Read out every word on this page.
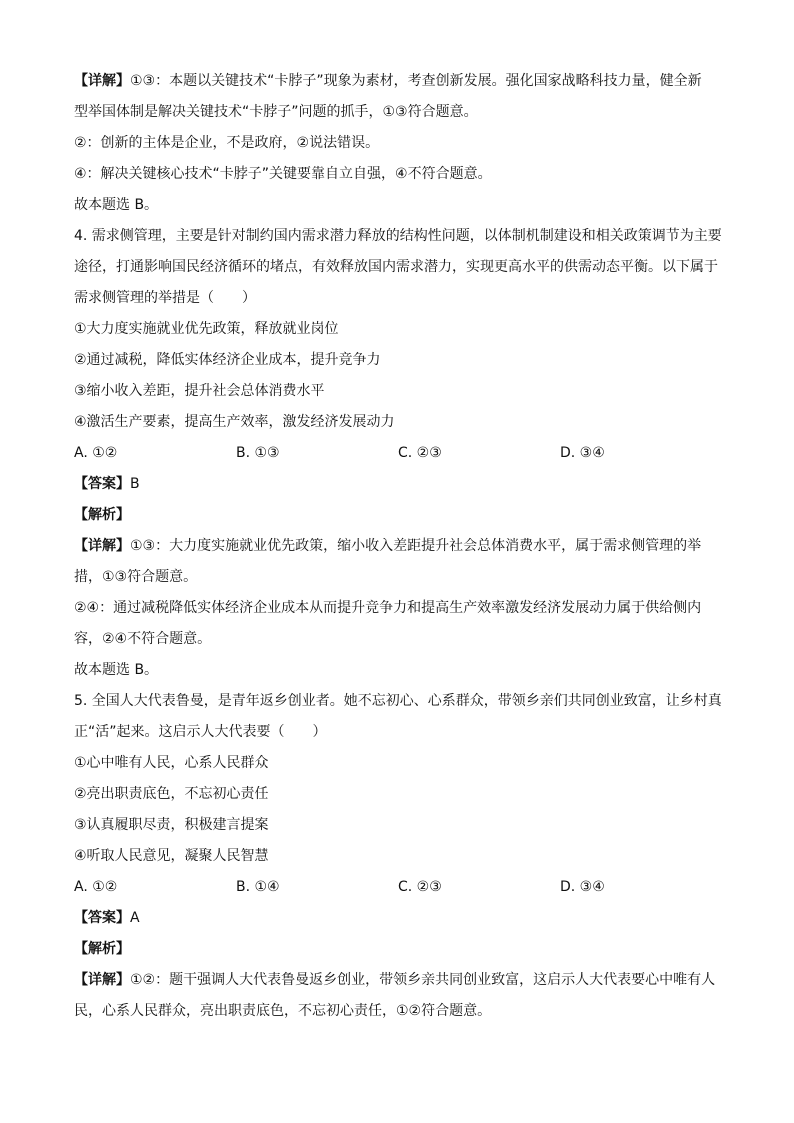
【详解】①③：本题以关键技术“卡脖子”现象为素材，考查创新发展。强化国家战略科技力量，健全新
型举国体制是解决关键技术“卡脖子”问题的抓手，①③符合题意。
②：创新的主体是企业，不是政府，②说法错误。
④：解决关键核心技术“卡脖子”关键要靠自立自强，④不符合题意。
故本题选 B。
4. 需求侧管理，主要是针对制约国内需求潜力释放的结构性问题，以体制机制建设和相关政策调节为主要
途径，打通影响国民经济循环的堵点，有效释放国内需求潜力，实现更高水平的供需动态平衡。以下属于
需求侧管理的举措是（　　）
①大力度实施就业优先政策，释放就业岗位
②通过减税，降低实体经济企业成本，提升竞争力
③缩小收入差距，提升社会总体消费水平
④激活生产要素，提高生产效率，激发经济发展动力
A. ①②	B. ①③	C. ②③	D. ③④
【答案】B
【解析】
【详解】①③：大力度实施就业优先政策，缩小收入差距提升社会总体消费水平，属于需求侧管理的举
措，①③符合题意。
②④：通过减税降低实体经济企业成本从而提升竞争力和提高生产效率激发经济发展动力属于供给侧内
容，②④不符合题意。
故本题选 B。
5. 全国人大代表鲁曼，是青年返乡创业者。她不忘初心、心系群众，带领乡亲们共同创业致富，让乡村真
正“活”起来。这启示人大代表要（　　）
①心中唯有人民，心系人民群众
②亮出职责底色，不忘初心责任
③认真履职尽责，积极建言提案
④听取人民意见，凝聚人民智慧
A. ①②	B. ①④	C. ②③	D. ③④
【答案】A
【解析】
【详解】①②：题干强调人大代表鲁曼返乡创业，带领乡亲共同创业致富，这启示人大代表要心中唯有人
民，心系人民群众，亮出职责底色，不忘初心责任，①②符合题意。
